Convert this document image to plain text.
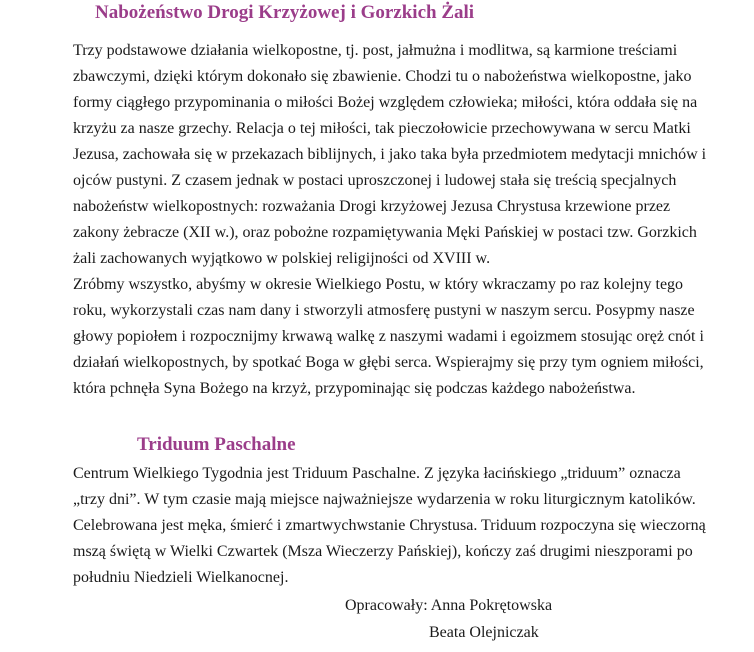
Nabożeństwo Drogi Krzyżowej i Gorzkich Żali

Trzy podstawowe działania wielkopostne, tj. post, jałmużna i modlitwa, są karmione treściami
zbawczymi, dzięki którym dokonało się zbawienie. Chodzi tu o nabożeństwa wielkopostne, jako
formy ciągłego przypominania o miłości Bożej względem człowieka; miłości, która oddała się na
krzyżu za nasze grzechy. Relacja o tej miłości, tak pieczołowicie przechowywana w sercu Matki
Jezusa, zachowała się w przekazach biblijnych, i jako taka była przedmiotem medytacji mnichów i
ojców pustyni. Z czasem jednak w postaci uproszczonej i ludowej stała się treścią specjalnych
nabożeństw wielkopostnych: rozważania Drogi krzyżowej Jezusa Chrystusa krzewione przez
zakony żebracze (XII w.), oraz pobożne rozpamiętywania Męki Pańskiej w postaci tzw. Gorzkich
żali zachowanych wyjątkowo w polskiej religijności od XVIII w.

Zróbmy wszystko, abyśmy w okresie Wielkiego Postu, w który wkraczamy po raz kolejny tego
roku, wykorzystali czas nam dany i stworzyli atmosferę pustyni w naszym sercu. Posypmy nasze
głowy popiołem i rozpocznijmy krwawą walkę z naszymi wadami i egoizmem stosując oręż cnót i
działań wielkopostnych, by spotkać Boga w głębi serca. Wspierajmy się przy tym ogniem miłości,
która pchnęła Syna Bożego na krzyż, przypominając się podczas każdego nabożeństwa.

Triduum Paschalne

Centrum Wielkiego Tygodnia jest Triduum Paschalne. Z języka łacińskiego „triduum” oznacza
„trzy dni”. W tym czasie mają miejsce najważniejsze wydarzenia w roku liturgicznym katolików.
Celebrowana jest męka, śmierć i zmartwychwstanie Chrystusa. Triduum rozpoczyna się wieczorną
mszą świętą w Wielki Czwartek (Msza Wieczerzy Pańskiej), kończy zaś drugimi nieszporami po
południu Niedzieli Wielkanocnej.

Opracowały: Anna Pokrętowska

Beata Olejniczak
